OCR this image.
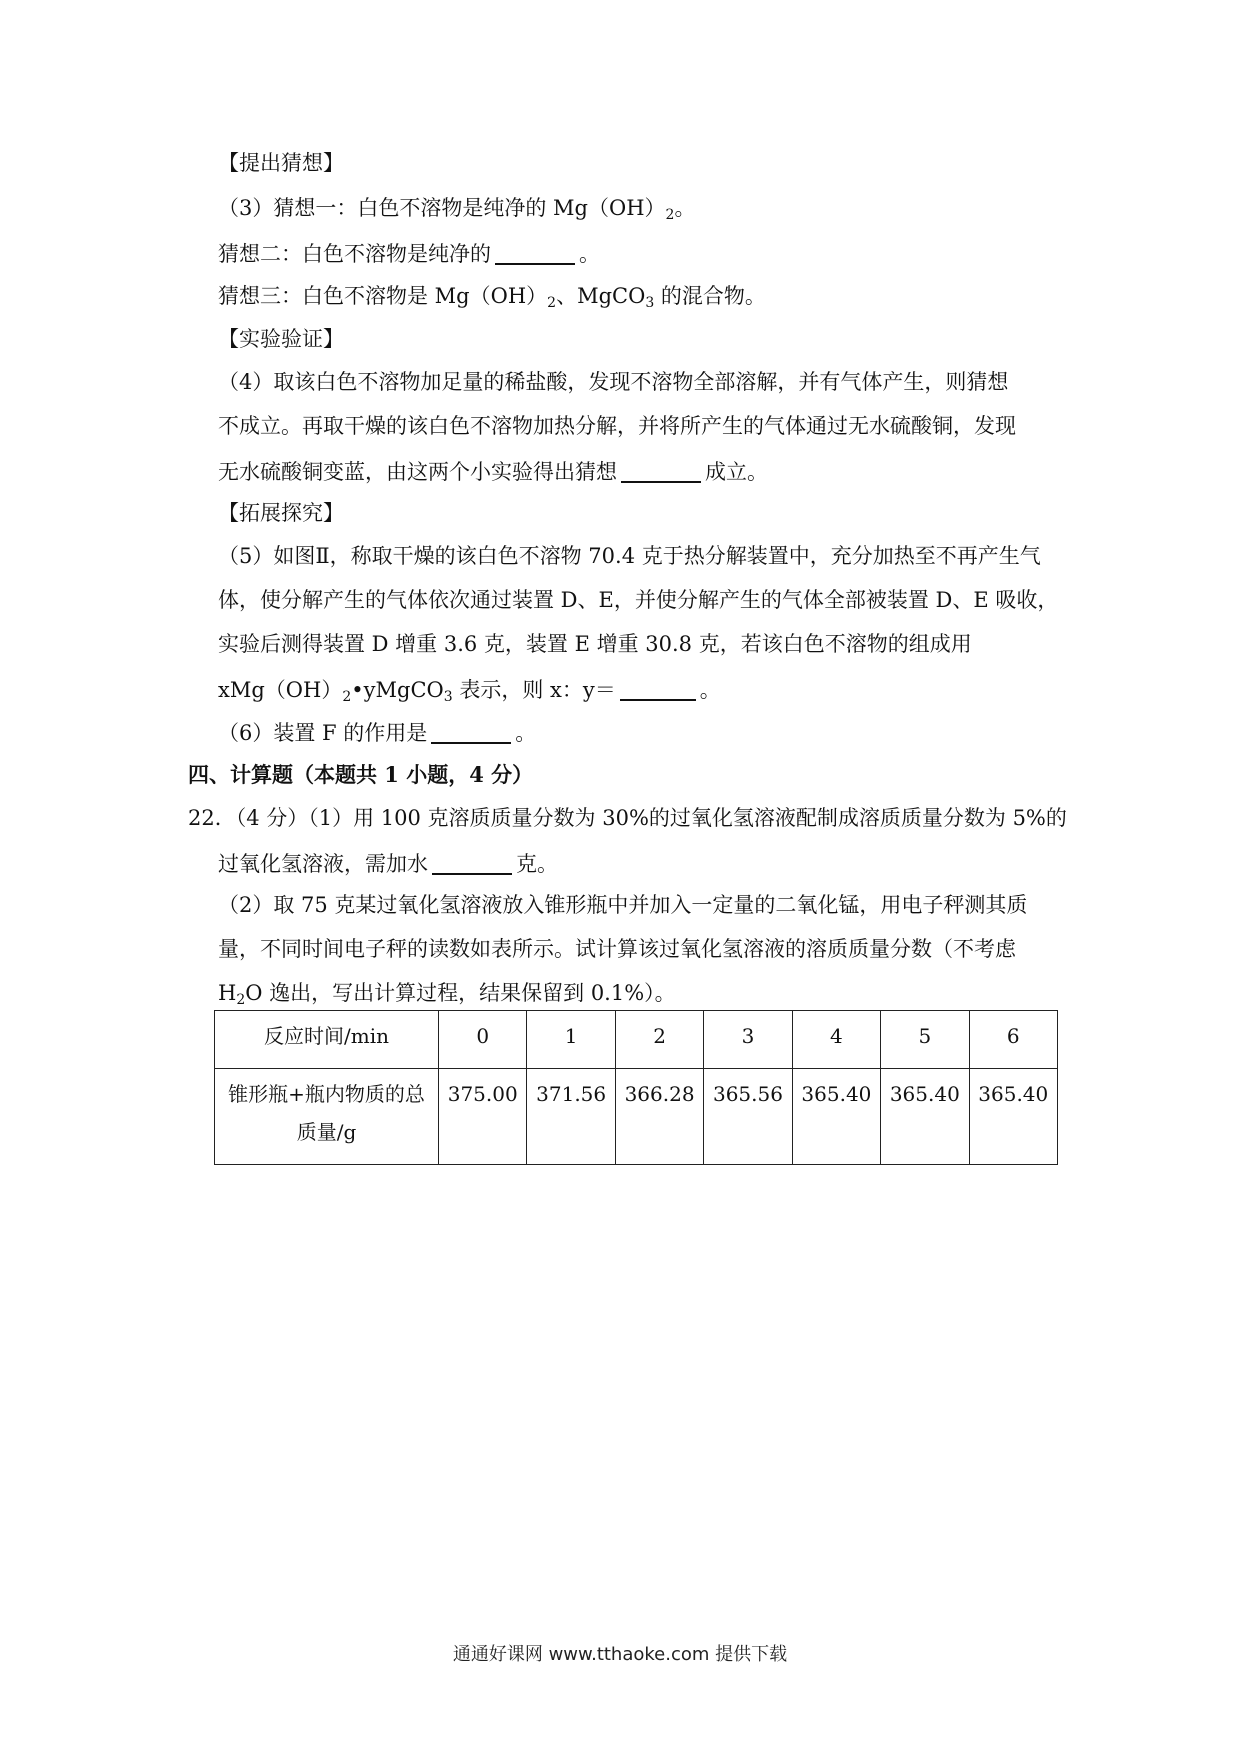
【提出猜想】
（3）猜想一：白色不溶物是纯净的 $Mg(OH)_2$。
猜想二：白色不溶物是纯净的	。
猜想三：白色不溶物是 $Mg(OH)_2$、MgCO$_3$ 的混合物。
【实验验证】
（4）取该白色不溶物加足量的稀盐酸，发现不溶物全部溶解，并有气体产生，则猜想
不成立。再取干燥的该白色不溶物加热分解，并将所产生的气体通过无水硫酸铜，发现
无水硫酸铜变蓝，由这两个小实验得出猜想	成立。
【拓展探究】
（5）如图Ⅱ，称取干燥的该白色不溶物 70.4 克于热分解装置中，充分加热至不再产生气
体，使分解产生的气体依次通过装置 D、E，并使分解产生的气体全部被装置 D、E 吸收，
实验后测得装置 D 增重 3.6 克，装置 E 增重 30.8 克，若该白色不溶物的组成用
$xMg(OH)_2•yMgCO_3$ 表示，则 x：y＝	。
（6）装置 F 的作用是	。
四、计算题（本题共 1 小题，4 分）
22．（4 分）（1）用 100 克溶质质量分数为 30%的过氧化氢溶液配制成溶质质量分数为 5%的
过氧化氢溶液，需加水	克。
（2）取 75 克某过氧化氢溶液放入锥形瓶中并加入一定量的二氧化锰，用电子秤测其质
量，不同时间电子秤的读数如表所示。试计算该过氧化氢溶液的溶质质量分数（不考虑
$H_2O$ 逸出，写出计算过程，结果保留到 0.1%）。
反应时间/min	0	1	2	3	4	5	6

锥形瓶+瓶内物质的总
质量/g	375.00	371.56	366.28	365.56	365.40	365.40	365.40
通通好课网 www.tthaoke.com 提供下载
